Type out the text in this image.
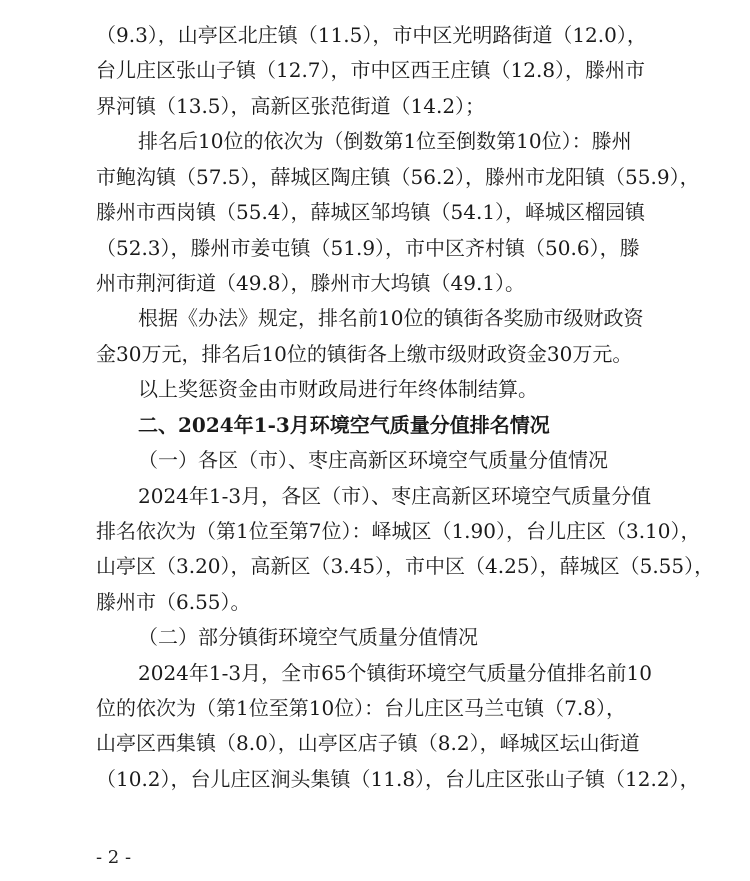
（9.3），山亭区北庄镇（11.5），市中区光明路街道（12.0），
台儿庄区张山子镇（12.7），市中区西王庄镇（12.8），滕州市
界河镇（13.5），高新区张范街道（14.2）；
排名后10位的依次为（倒数第1位至倒数第10位）：滕州
市鲍沟镇（57.5），薛城区陶庄镇（56.2），滕州市龙阳镇（55.9），
滕州市西岗镇（55.4），薛城区邹坞镇（54.1），峄城区榴园镇
（52.3），滕州市姜屯镇（51.9），市中区齐村镇（50.6），滕
州市荆河街道（49.8），滕州市大坞镇（49.1）。
根据《办法》规定，排名前10位的镇街各奖励市级财政资
金30万元，排名后10位的镇街各上缴市级财政资金30万元。
以上奖惩资金由市财政局进行年终体制结算。
二、2024年1-3月环境空气质量分值排名情况
（一）各区（市）、枣庄高新区环境空气质量分值情况
2024年1-3月，各区（市）、枣庄高新区环境空气质量分值
排名依次为（第1位至第7位）：峄城区（1.90），台儿庄区（3.10），
山亭区（3.20），高新区（3.45），市中区（4.25），薛城区（5.55），
滕州市（6.55）。
（二）部分镇街环境空气质量分值情况
2024年1-3月，全市65个镇街环境空气质量分值排名前10
位的依次为（第1位至第10位）：台儿庄区马兰屯镇（7.8），
山亭区西集镇（8.0），山亭区店子镇（8.2），峄城区坛山街道
（10.2），台儿庄区涧头集镇（11.8），台儿庄区张山子镇（12.2），
- 2 -
